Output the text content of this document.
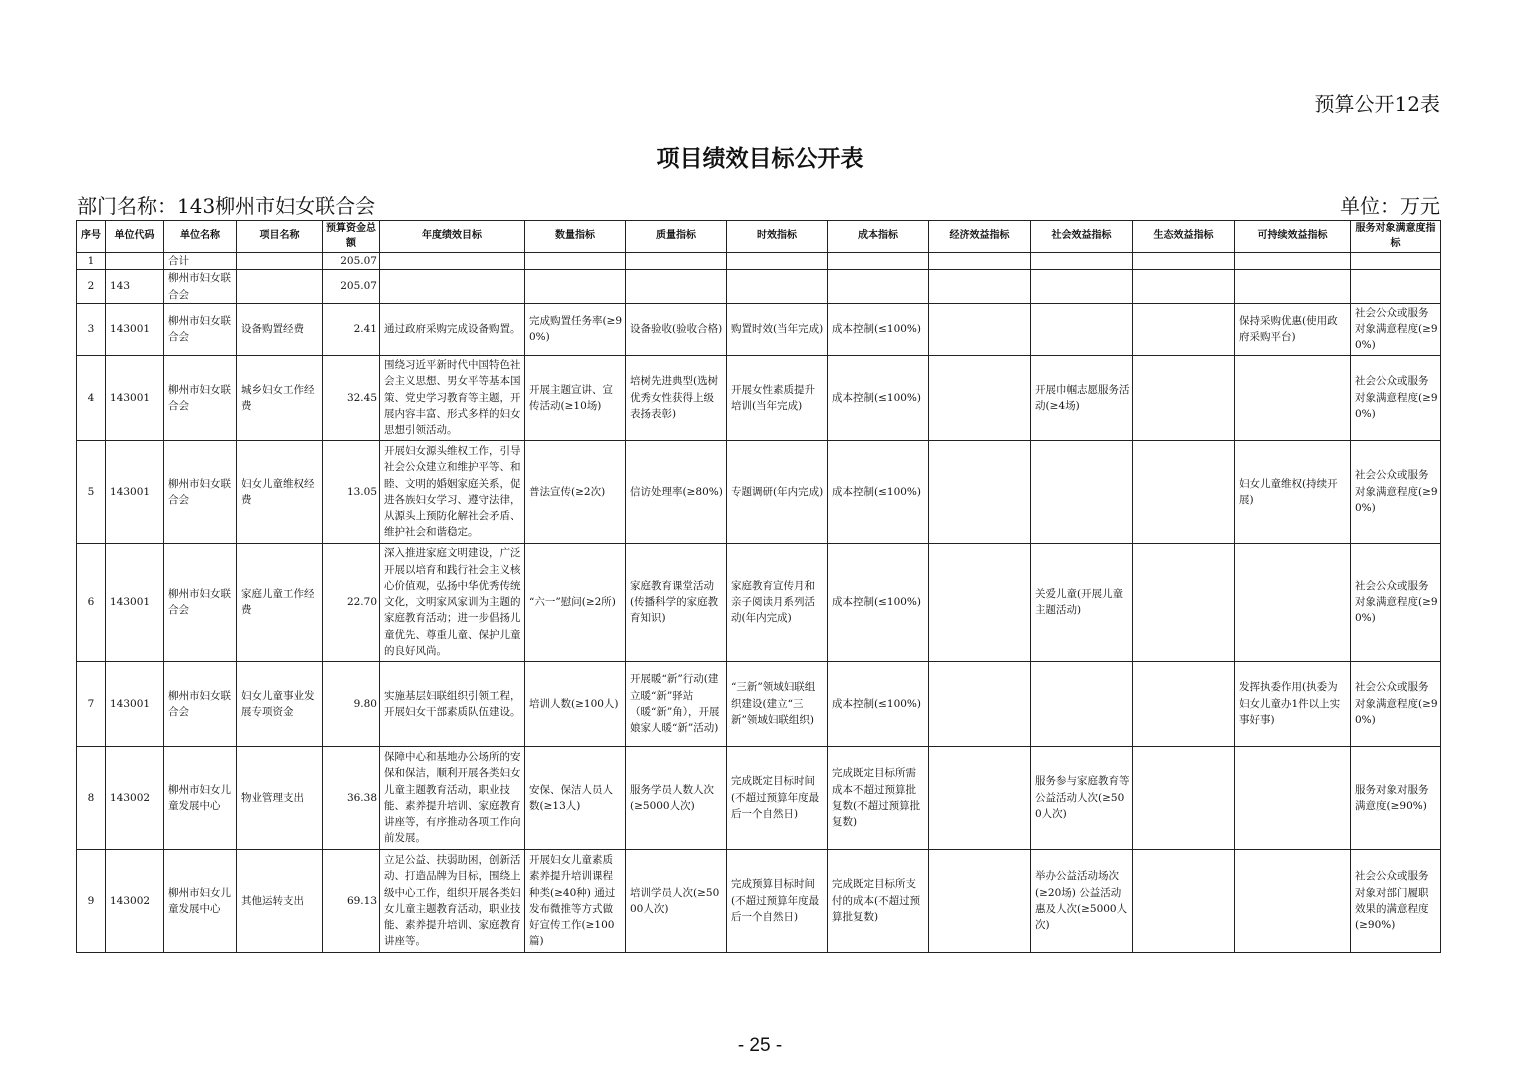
预算公开12表
项目绩效目标公开表
部门名称：143柳州市妇女联合会	单位：万元
序号	单位代码	单位名称	项目名称	预算资金总额	年度绩效目标	数量指标	质量指标	时效指标	成本指标	经济效益指标	社会效益指标	生态效益指标	可持续效益指标	服务对象满意度指标
1		合计		205.07										
2	143	柳州市妇女联合会		205.07										
3	143001	柳州市妇女联合会	设备购置经费	2.41	通过政府采购完成设备购置。	完成购置任务率(≥90%)	设备验收(验收合格)	购置时效(当年完成)	成本控制(≤100%)				保持采购优惠(使用政府采购平台)	社会公众或服务对象满意程度(≥90%)
4	143001	柳州市妇女联合会	城乡妇女工作经费	32.45	围绕习近平新时代中国特色社会主义思想、男女平等基本国策、党史学习教育等主题，开展内容丰富、形式多样的妇女思想引领活动。	开展主题宣讲、宣传活动(≥10场)	培树先进典型(选树优秀女性获得上级表扬表彰)	开展女性素质提升培训(当年完成)	成本控制(≤100%)		开展巾帼志愿服务活动(≥4场)			社会公众或服务对象满意程度(≥90%)
5	143001	柳州市妇女联合会	妇女儿童维权经费	13.05	开展妇女源头维权工作，引导社会公众建立和维护平等、和睦、文明的婚姻家庭关系，促进各族妇女学习、遵守法律，从源头上预防化解社会矛盾、维护社会和谐稳定。	普法宣传(≥2次)	信访处理率(≥80%)	专题调研(年内完成)	成本控制(≤100%)				妇女儿童维权(持续开展)	社会公众或服务对象满意程度(≥90%)
6	143001	柳州市妇女联合会	家庭儿童工作经费	22.70	深入推进家庭文明建设，广泛开展以培育和践行社会主义核心价值观，弘扬中华优秀传统文化，文明家风家训为主题的家庭教育活动；进一步倡扬儿童优先、尊重儿童、保护儿童的良好风尚。	“六一”慰问(≥2所)	家庭教育课堂活动(传播科学的家庭教育知识)	家庭教育宣传月和亲子阅读月系列活动(年内完成)	成本控制(≤100%)		关爱儿童(开展儿童主题活动)			社会公众或服务对象满意程度(≥90%)
7	143001	柳州市妇女联合会	妇女儿童事业发展专项资金	9.80	实施基层妇联组织引领工程，开展妇女干部素质队伍建设。	培训人数(≥100人)	开展暖“新”行动(建立暖“新”驿站（暖“新”角），开展娘家人暖“新”活动)	“三新”领域妇联组织建设(建立“三新”领域妇联组织)	成本控制(≤100%)				发挥执委作用(执委为妇女儿童办1件以上实事好事)	社会公众或服务对象满意程度(≥90%)
8	143002	柳州市妇女儿童发展中心	物业管理支出	36.38	保障中心和基地办公场所的安保和保洁，顺利开展各类妇女儿童主题教育活动，职业技能、素养提升培训、家庭教育讲座等，有序推动各项工作向前发展。	安保、保洁人员人数(≥13人)	服务学员人数人次(≥5000人次)	完成既定目标时间(不超过预算年度最后一个自然日)	完成既定目标所需成本不超过预算批复数(不超过预算批复数)		服务参与家庭教育等公益活动人次(≥500人次)			服务对象对服务满意度(≥90%)
9	143002	柳州市妇女儿童发展中心	其他运转支出	69.13	立足公益、扶弱助困，创新活动、打造品牌为目标，围绕上级中心工作，组织开展各类妇女儿童主题教育活动，职业技能、素养提升培训、家庭教育讲座等。	开展妇女儿童素质素养提升培训课程种类(≥40种) 通过发布微推等方式做好宣传工作(≥100篇)	培训学员人次(≥5000人次)	完成预算目标时间(不超过预算年度最后一个自然日)	完成既定目标所支付的成本(不超过预算批复数)		举办公益活动场次(≥20场) 公益活动惠及人次(≥5000人次)			社会公众或服务对象对部门履职效果的满意程度(≥90%)
- 25 -
